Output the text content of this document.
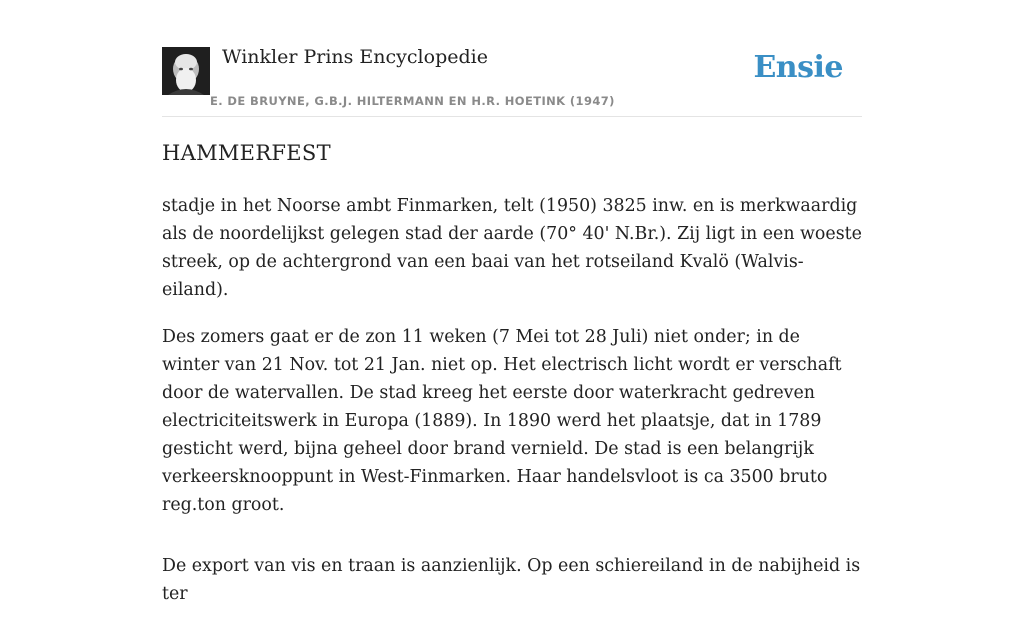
Winkler Prins Encyclopedie
E. DE BRUYNE, G.B.J. HILTERMANN EN H.R. HOETINK (1947)
Ensie
HAMMERFEST

stadje in het Noorse ambt Finmarken, telt (1950) 3825 inw. en is merkwaardig als de noordelijkst gelegen stad der aarde (70° 40' N.Br.). Zij ligt in een woeste streek, op de achtergrond van een baai van het rotseiland Kvalö (Walvis-eiland).

Des zomers gaat er de zon 11 weken (7 Mei tot 28 Juli) niet onder; in de winter van 21 Nov. tot 21 Jan. niet op. Het electrisch licht wordt er verschaft door de watervallen. De stad kreeg het eerste door waterkracht gedreven electriciteitswerk in Europa (1889). In 1890 werd het plaatsje, dat in 1789 gesticht werd, bijna geheel door brand vernield. De stad is een belangrijk verkeersknooppunt in West-Finmarken. Haar handelsvloot is ca 3500 bruto reg.ton groot.

De export van vis en traan is aanzienlijk. Op een schiereiland in de nabijheid is ter
